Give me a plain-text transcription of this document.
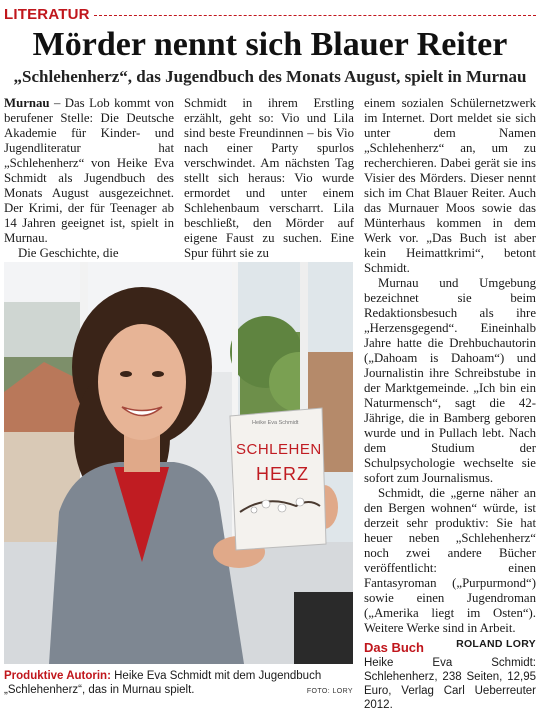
LITERATUR
Mörder nennt sich Blauer Reiter
„Schlehenherz“, das Jugendbuch des Monats August, spielt in Murnau

Murnau – Das Lob kommt von berufener Stelle: Die Deutsche Akademie für Kinder- und Jugendliteratur hat „Schlehenherz“ von Heike Eva Schmidt als Jugendbuch des Monats August ausgezeichnet. Der Krimi, der für Teenager ab 14 Jahren geeignet ist, spielt in Murnau.

Die Geschichte, die

Schmidt in ihrem Erstling erzählt, geht so: Vio und Lila sind beste Freundinnen – bis Vio nach einer Party spurlos verschwindet. Am nächsten Tag stellt sich heraus: Vio wurde ermordet und unter einem Schlehenbaum verscharrt. Lila beschließt, den Mörder auf eigene Faust zu suchen. Eine Spur führt sie zu

einem sozialen Schülernetzwerk im Internet. Dort meldet sie sich unter dem Namen „Schlehenherz“ an, um zu recherchieren. Dabei gerät sie ins Visier des Mörders. Dieser nennt sich im Chat Blauer Reiter. Auch das Murnauer Moos sowie das Münterhaus kommen in dem Werk vor. „Das Buch ist aber kein Heimattkrimi“, betont Schmidt.

Murnau und Umgebung bezeichnet sie beim Redaktionsbesuch als ihre „Herzensgegend“. Eineinhalb Jahre hatte die Drehbuchautorin („Dahoam is Dahoam“) und Journalistin ihre Schreibstube in der Marktgemeinde. „Ich bin ein Naturmensch“, sagt die 42-Jährige, die in Bamberg geboren wurde und in Pullach lebt. Nach dem Studium der Schulpsychologie wechselte sie sofort zum Journalismus.

Schmidt, die „gerne näher an den Bergen wohnen“ würde, ist derzeit sehr produktiv: Sie hat heuer neben „Schlehenherz“ noch zwei andere Bücher veröffentlicht: einen Fantasyroman („Purpurmond“) sowie einen Jugendroman („Amerika liegt im Osten“). Weitere Werke sind in Arbeit.

ROLAND LORY
Heike Eva Schmidt
SCHLEHEN
HERZ
Produktive Autorin: Heike Eva Schmidt mit dem Jugendbuch „Schlehenherz“, das in Murnau spielt.	FOTO: LORY
Das Buch
Heike Eva Schmidt: Schlehenherz, 238 Seiten, 12,95 Euro, Verlag Carl Ueberreuter 2012.
